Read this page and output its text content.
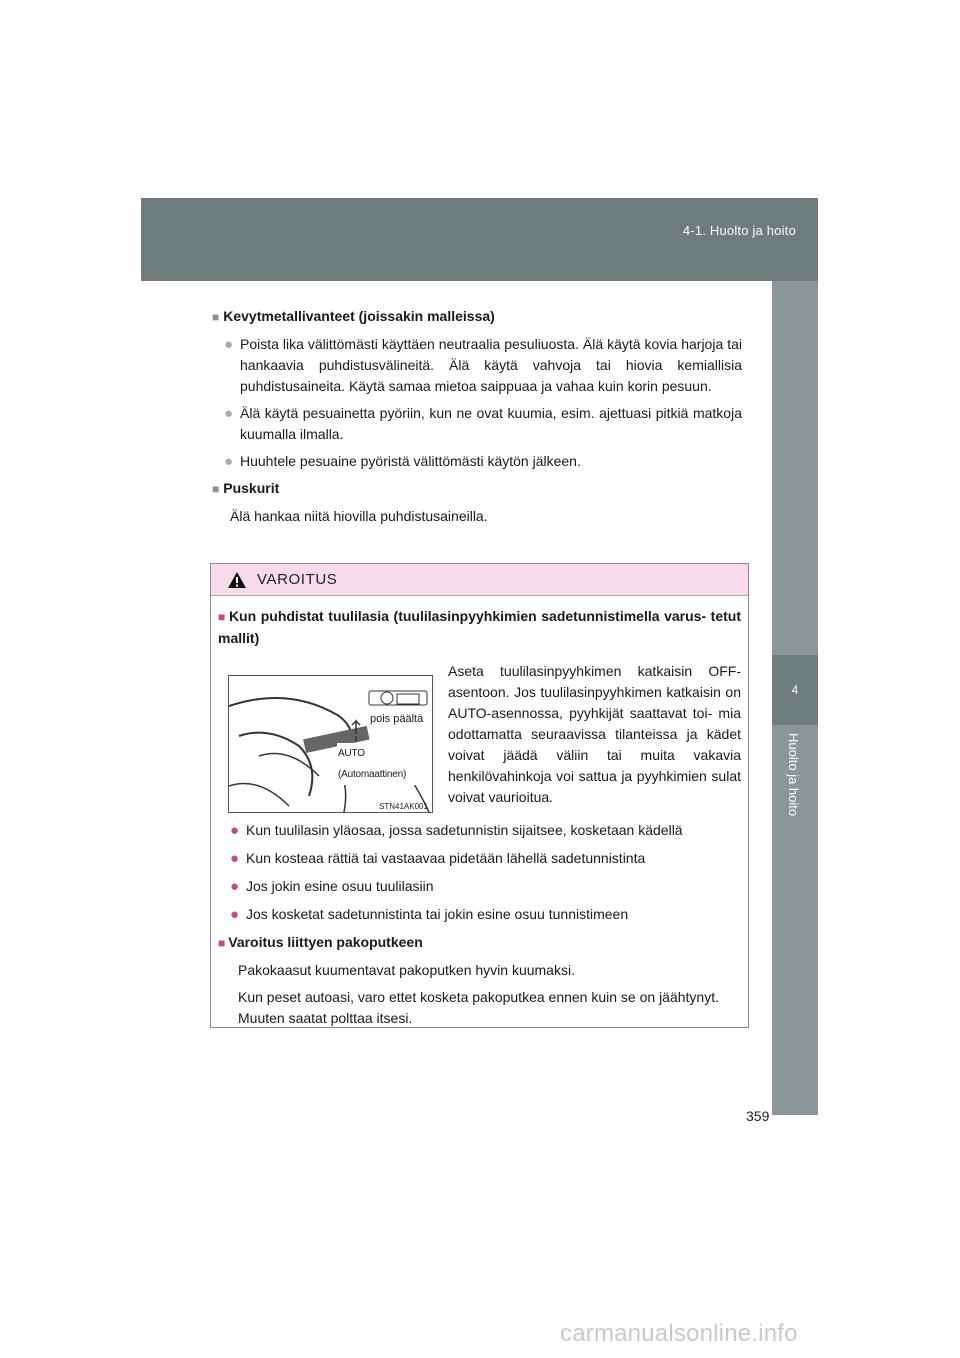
4-1. Huolto ja hoito
4
Huolto ja hoito
■ Kevytmetallivanteet (joissakin malleissa)
● Poista lika välittömästi käyttäen neutraalia pesuliuosta. Älä käytä kovia harjoja tai hankaavia puhdistusvälineitä. Älä käytä vahvoja tai hiovia kemiallisia puhdistusaineita. Käytä samaa mietoa saippuaa ja vahaa kuin korin pesuun.
● Älä käytä pesuainetta pyöriin, kun ne ovat kuumia, esim. ajettuasi pitkiä matkoja kuumalla ilmalla.
● Huuhtele pesuaine pyöristä välittömästi käytön jälkeen.
■ Puskurit
Älä hankaa niitä hiovilla puhdistusaineilla.
VAROITUS
■ Kun puhdistat tuulilasia (tuulilasinpyyhkimien sadetunnistimella varus- tetut mallit)
pois päältä
AUTO (Automaattinen)
STN41AK001
Aseta tuulilasinpyyhkimen katkaisin OFF-asentoon. Jos tuulilasinpyyhkimen katkaisin on AUTO-asennossa, pyyhkijät saattavat toi- mia odottamatta seuraavissa tilanteissa ja kädet voivat jäädä väliin tai muita vakavia henkilövahinkoja voi sattua ja pyyhkimien sulat voivat vaurioitua.
● Kun tuulilasin yläosaa, jossa sadetunnistin sijaitsee, kosketaan kädellä
● Kun kosteaa rättiä tai vastaavaa pidetään lähellä sadetunnistinta
● Jos jokin esine osuu tuulilasiin
● Jos kosketat sadetunnistinta tai jokin esine osuu tunnistimeen
■ Varoitus liittyen pakoputkeen
Pakokaasut kuumentavat pakoputken hyvin kuumaksi.
Kun peset autoasi, varo ettet kosketa pakoputkea ennen kuin se on jäähtynyt. Muuten saatat polttaa itsesi.
359
carmanualsonline.info
